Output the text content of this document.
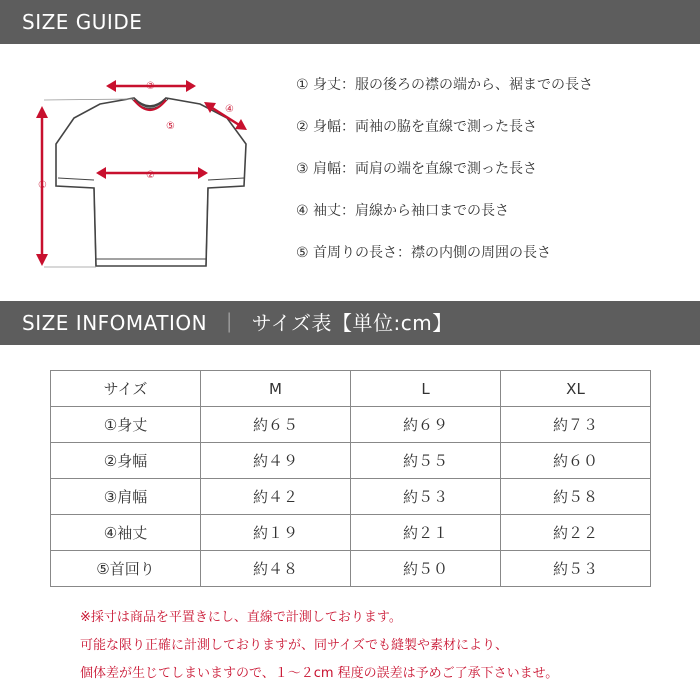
SIZE GUIDE
①
②
③
④
⑤
① 身丈：服の後ろの襟の端から、裾までの長さ
② 身幅：両袖の脇を直線で測った長さ
③ 肩幅：両肩の端を直線で測った長さ
④ 袖丈：肩線から袖口までの長さ
⑤ 首周りの長さ：襟の内側の周囲の長さ
SIZE INFOMATION ｜ サイズ表【単位:cm】
サイズ	M	L	XL
①身丈	約６５	約６９	約７３
②身幅	約４９	約５５	約６０
③肩幅	約４２	約５３	約５８
④袖丈	約１９	約２１	約２２
⑤首回り	約４８	約５０	約５３
※採寸は商品を平置きにし、直線で計測しております。
可能な限り正確に計測しておりますが、同サイズでも縫製や素材により、
個体差が生じてしまいますので、１～２cm 程度の誤差は予めご了承下さいませ。
